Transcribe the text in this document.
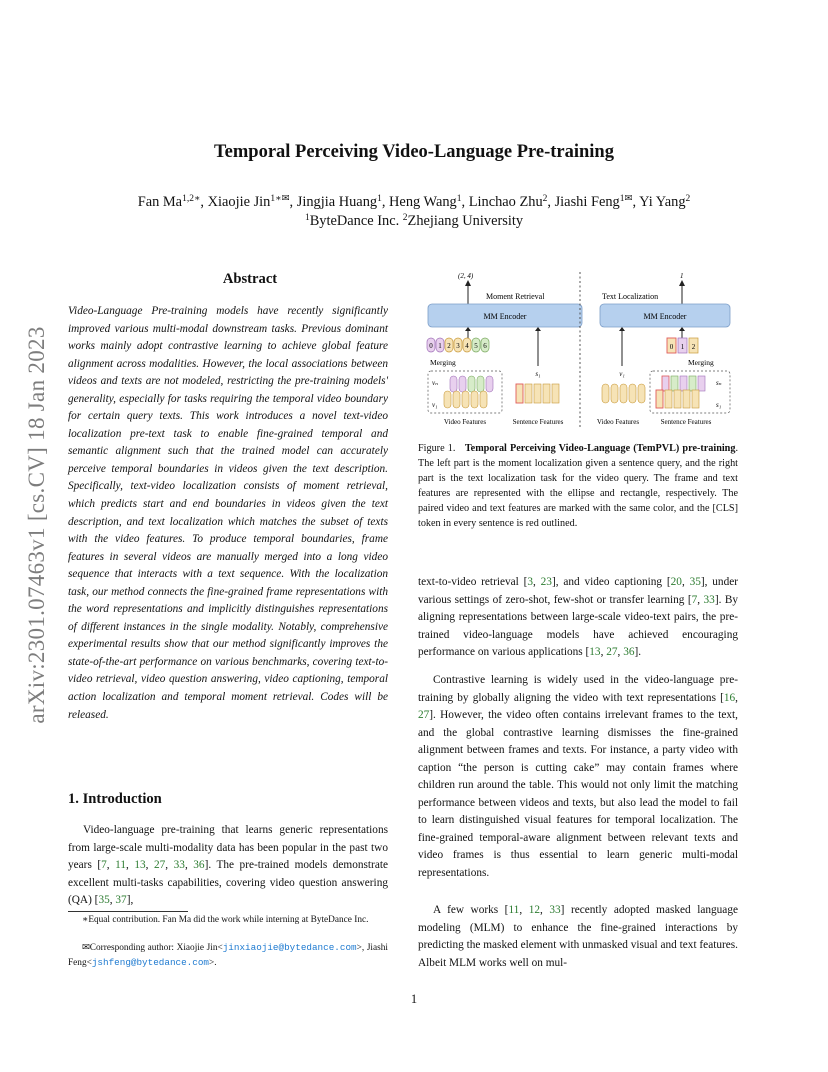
arXiv:2301.07463v1 [cs.CV] 18 Jan 2023
Temporal Perceiving Video-Language Pre-training
Fan $Ma^{1,2∗}$, Xiaojie Jin$^{1∗✉}$, Jingjia Huang$^1$, Heng Wang$^1$, Linchao Zhu$^2$, Jiashi Feng$^{1✉}$, Yi Yang$^2$
$^1$ByteDance Inc. $^2$Zhejiang University
Abstract
Video-Language Pre-training models have recently significantly improved various multi-modal downstream tasks. Previous dominant works mainly adopt contrastive learning to achieve global feature alignment across modalities. However, the local associations between videos and texts are not modeled, restricting the pre-training models' generality, especially for tasks requiring the temporal video boundary for certain query texts. This work introduces a novel text-video localization pre-text task to enable fine-grained temporal and semantic alignment such that the trained model can accurately perceive temporal boundaries in videos given the text description. Specifically, text-video localization consists of moment retrieval, which predicts start and end boundaries in videos given the text description, and text localization which matches the subset of texts with the video features. To produce temporal boundaries, frame features in several videos are manually merged into a long video sequence that interacts with a text sequence. With the localization task, our method connects the fine-grained frame representations with the word representations and implicitly distinguishes representations of different instances in the single modality. Notably, comprehensive experimental results show that our method significantly improves the state-of-the-art performance on various benchmarks, covering text-to-video retrieval, video question answering, video captioning, temporal action localization and temporal moment retrieval. Codes will be released.
1. Introduction
Video-language pre-training that learns generic representations from large-scale multi-modality data has been popular in the past two years [7, 11, 13, 27, 33, 36]. The pre-trained models demonstrate excellent multi-tasks capabilities, covering video question answering (QA) [35, 37],
∗Equal contribution. Fan Ma did the work while interning at ByteDance Inc.
✉Corresponding author: Xiaojie Jin<jinxiaojie@bytedance.com>, Jiashi Feng<jshfeng@bytedance.com>.
(2, 4)
Moment Retrieval
MM Encoder
0 1 2 3 4 5 6
Merging
vₙ
v₁
s₁
Video Features	Sentence Features
1
Text Localization
MM Encoder
0 1 2
Merging
v₁
sₙ
s₁
Video Features	Sentence Features
Figure 1. Temporal Perceiving Video-Language (TemPVL) pre-training. The left part is the moment localization given a sentence query, and the right part is the text localization task for the video query. The frame and text features are represented with the ellipse and rectangle, respectively. The paired video and text features are marked with the same color, and the [CLS] token in every sentence is red outlined.
text-to-video retrieval [3, 23], and video captioning [20, 35], under various settings of zero-shot, few-shot or transfer learning [7, 33]. By aligning representations between large-scale video-text pairs, the pre-trained video-language models have achieved encouraging performance on various applications [13, 27, 36].
Contrastive learning is widely used in the video-language pre-training by globally aligning the video with text representations [16, 27]. However, the video often contains irrelevant frames to the text, and the global contrastive learning dismisses the fine-grained alignment between frames and texts. For instance, a party video with caption “the person is cutting cake” may contain frames where children run around the table. This would not only limit the matching performance between videos and texts, but also lead the model to fail to learn distinguished visual features for temporal localization. The fine-grained temporal-aware alignment between relevant texts and video frames is thus essential to learn generic multi-modal representations.
A few works [11, 12, 33] recently adopted masked language modeling (MLM) to enhance the fine-grained interactions by predicting the masked element with unmasked visual and text features. Albeit MLM works well on mul-
1
